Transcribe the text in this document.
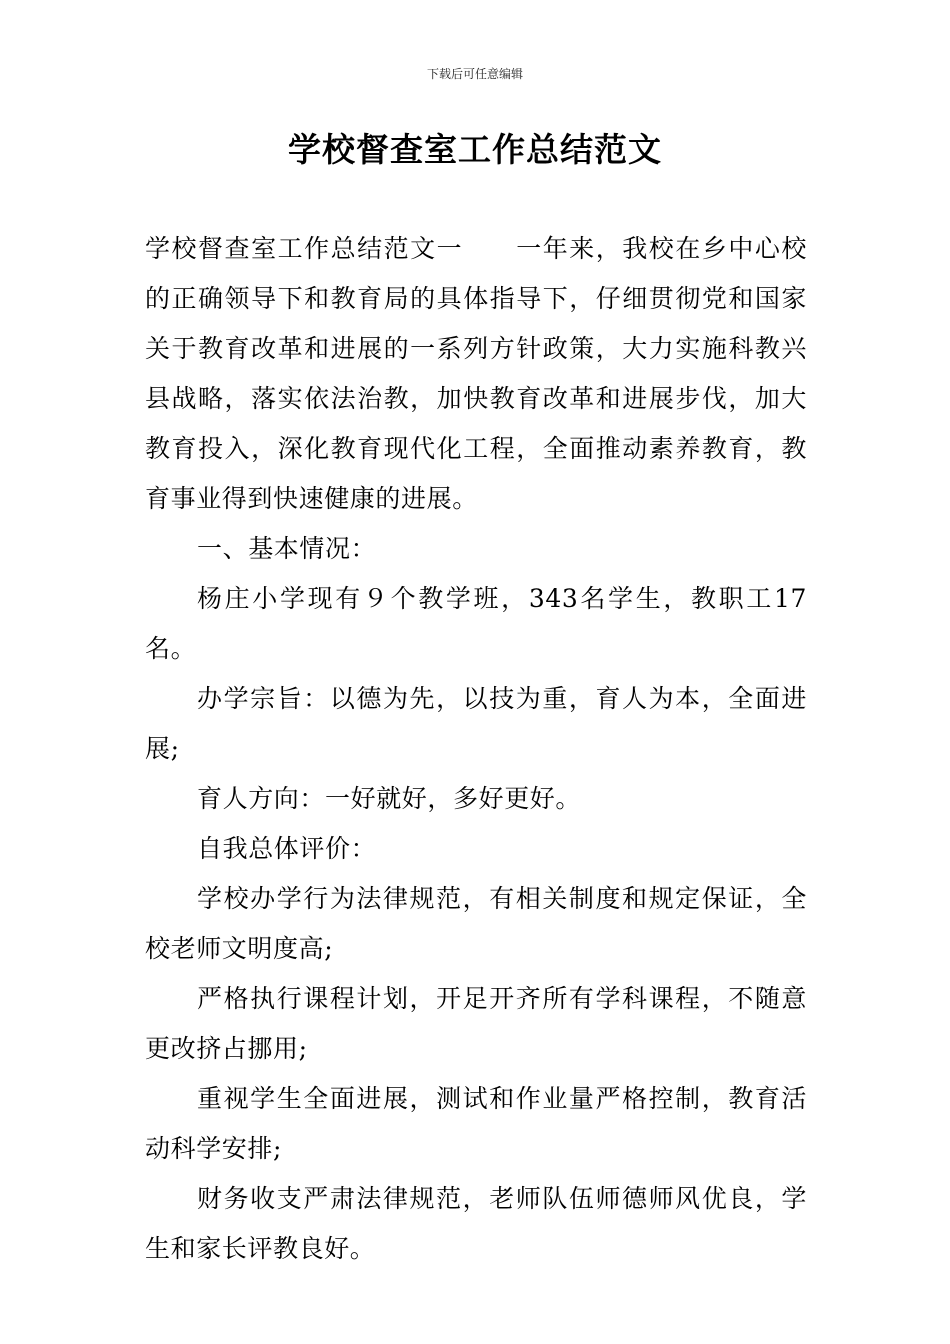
下载后可任意编辑
学校督查室工作总结范文

学校督查室工作总结范文一　　一年来，我校在乡中心校的正确领导下和教育局的具体指导下，仔细贯彻党和国家关于教育改革和进展的一系列方针政策，大力实施科教兴县战略，落实依法治教，加快教育改革和进展步伐，加大教育投入，深化教育现代化工程，全面推动素养教育，教育事业得到快速健康的进展。

一、基本情况：

杨庄小学现有９个教学班，343名学生，教职工17名。

办学宗旨：以德为先，以技为重，育人为本，全面进展;

育人方向：一好就好，多好更好。

自我总体评价：

学校办学行为法律规范，有相关制度和规定保证，全校老师文明度高;

严格执行课程计划，开足开齐所有学科课程，不随意更改挤占挪用;

重视学生全面进展，测试和作业量严格控制，教育活动科学安排;

财务收支严肃法律规范，老师队伍师德师风优良，学生和家长评教良好。
